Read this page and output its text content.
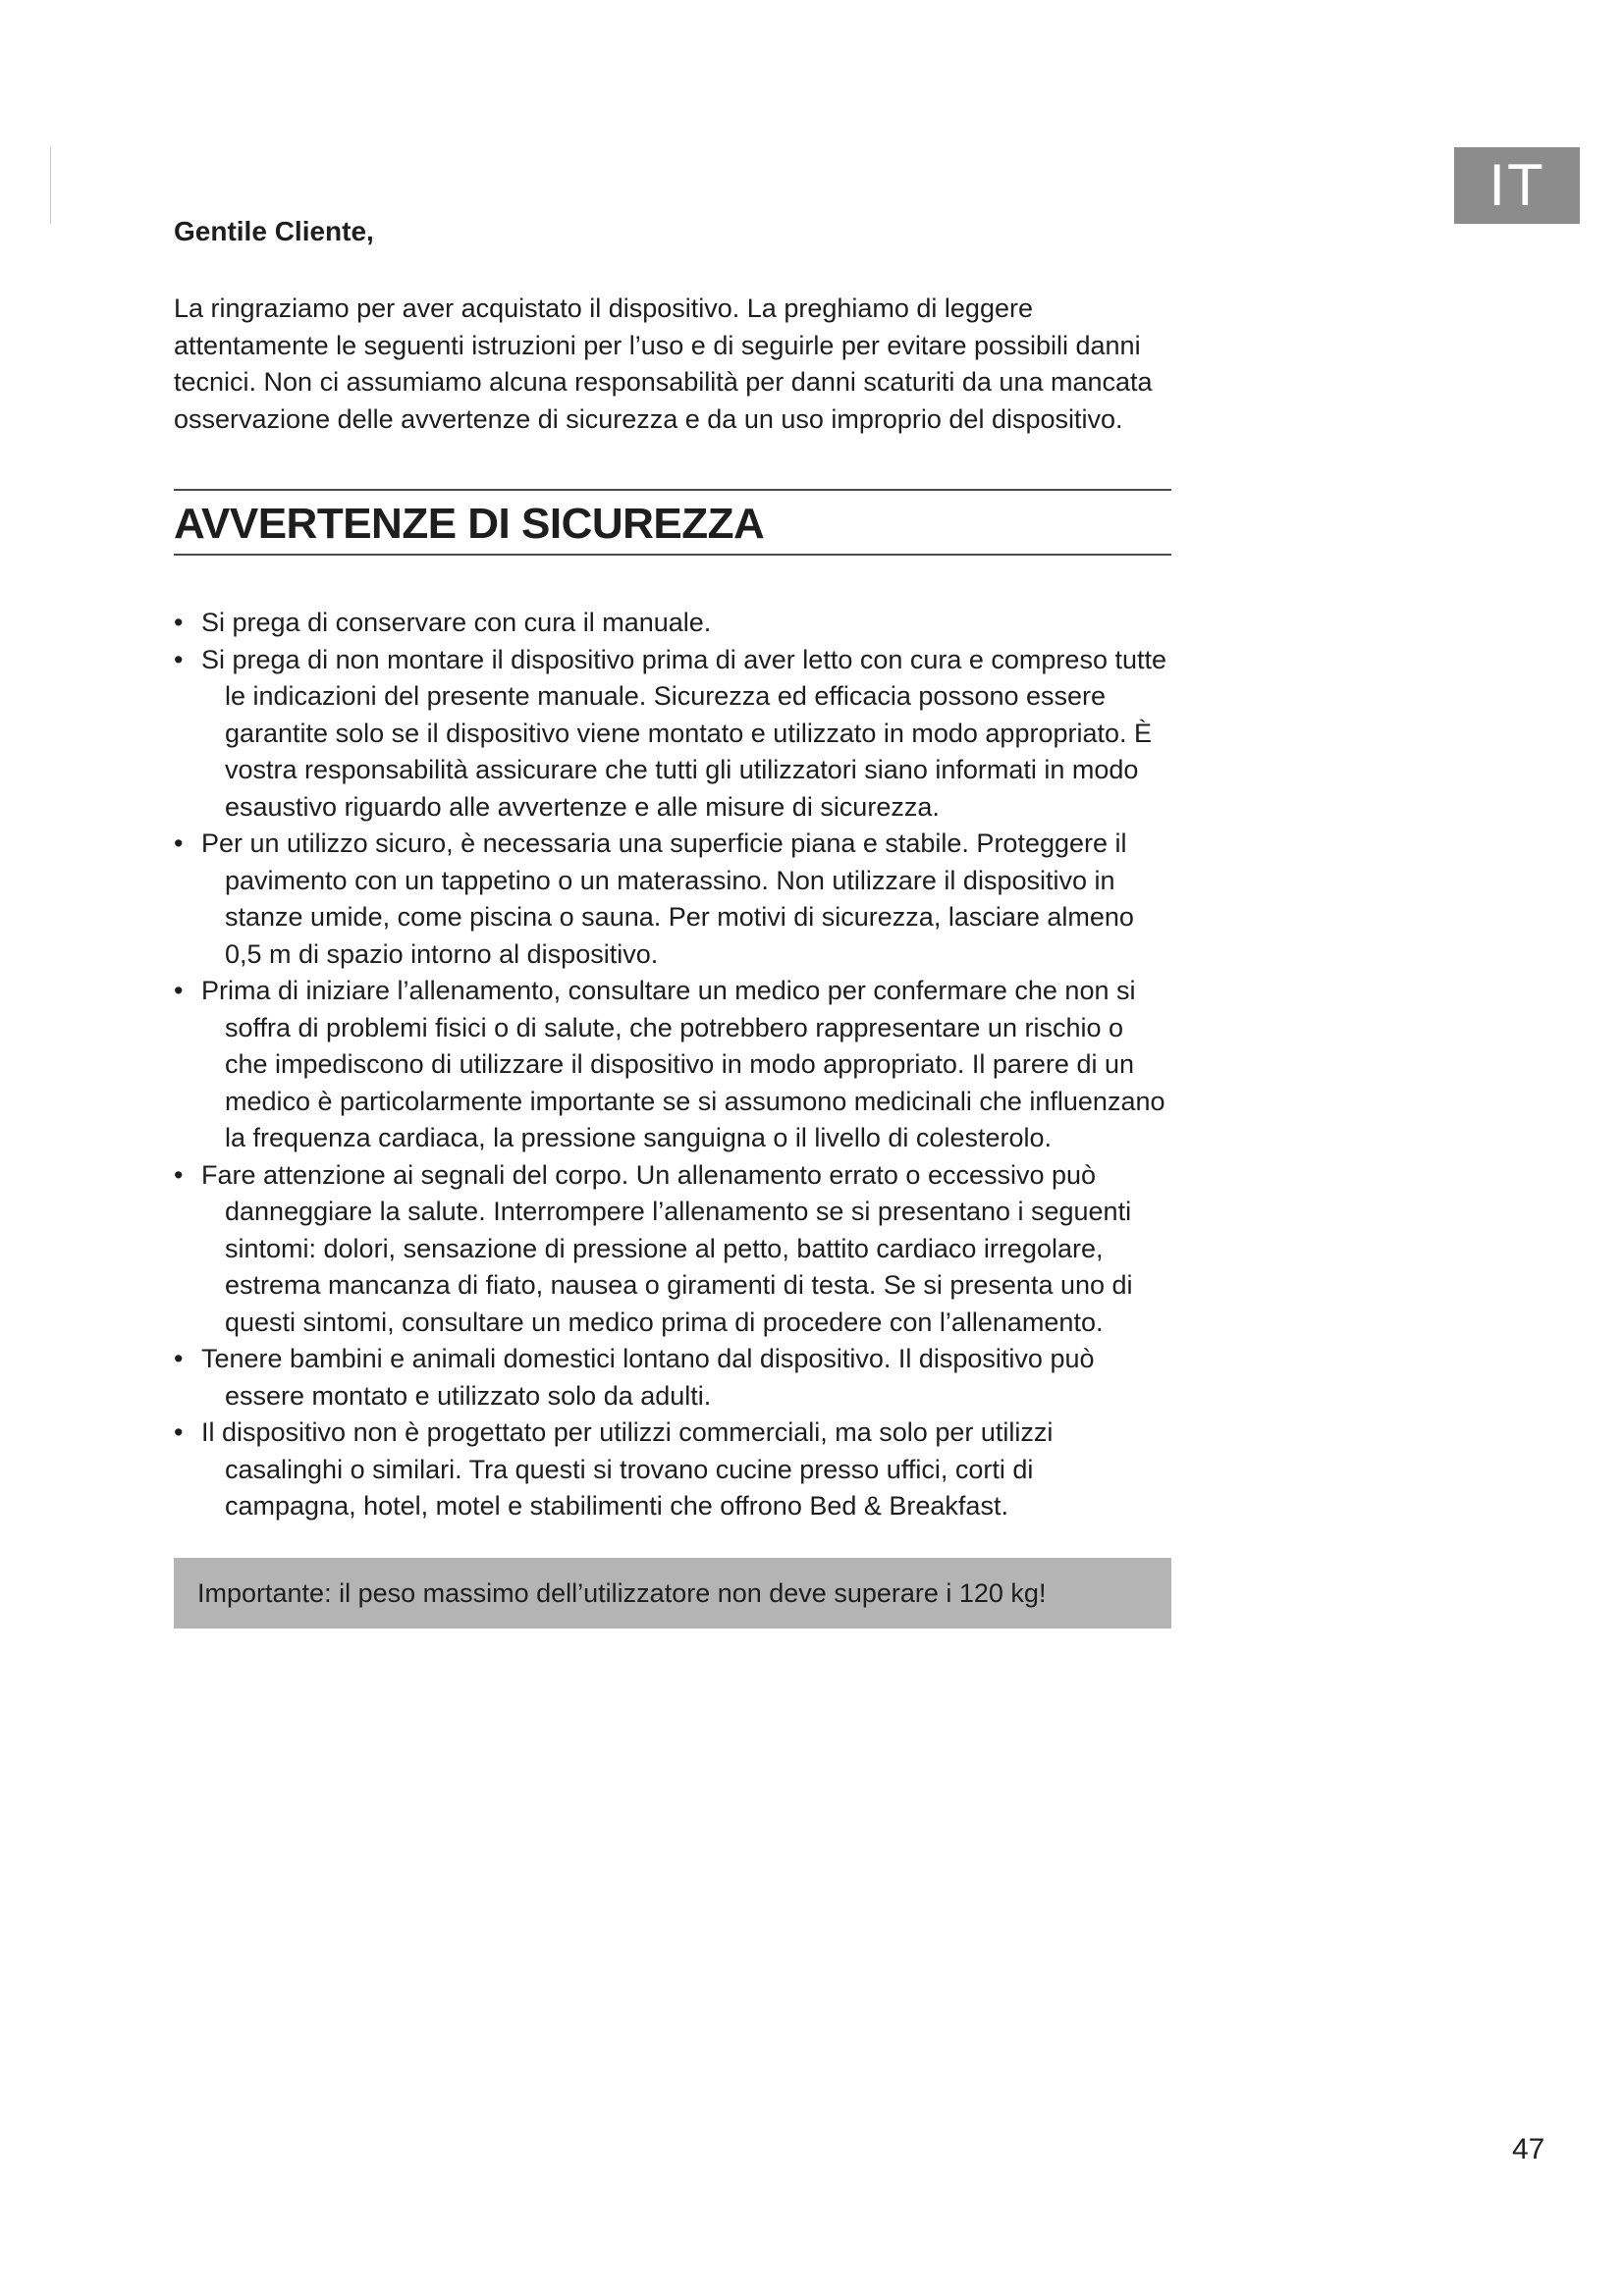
IT

Gentile Cliente,

La ringraziamo per aver acquistato il dispositivo. La preghiamo di leggere attentamente le seguenti istruzioni per l’uso e di seguirle per evitare possibili danni tecnici. Non ci assumiamo alcuna responsabilità per danni scaturiti da una mancata osservazione delle avvertenze di sicurezza e da un uso improprio del dispositivo.

AVVERTENZE DI SICUREZZA
• Si prega di conservare con cura il manuale.
• Si prega di non montare il dispositivo prima di aver letto con cura e compreso tutte le indicazioni del presente manuale. Sicurezza ed efficacia possono essere garantite solo se il dispositivo viene montato e utilizzato in modo appropriato. È vostra responsabilità assicurare che tutti gli utilizzatori siano informati in modo esaustivo riguardo alle avvertenze e alle misure di sicurezza.
• Per un utilizzo sicuro, è necessaria una superficie piana e stabile. Proteggere il pavimento con un tappetino o un materassino. Non utilizzare il dispositivo in stanze umide, come piscina o sauna. Per motivi di sicurezza, lasciare almeno 0,5 m di spazio intorno al dispositivo.
• Prima di iniziare l’allenamento, consultare un medico per confermare che non si soffra di problemi fisici o di salute, che potrebbero rappresentare un rischio o che impediscono di utilizzare il dispositivo in modo appropriato. Il parere di un medico è particolarmente importante se si assumono medicinali che influenzano la frequenza cardiaca, la pressione sanguigna o il livello di colesterolo.
• Fare attenzione ai segnali del corpo. Un allenamento errato o eccessivo può danneggiare la salute. Interrompere l’allenamento se si presentano i seguenti sintomi: dolori, sensazione di pressione al petto, battito cardiaco irregolare, estrema mancanza di fiato, nausea o giramenti di testa. Se si presenta uno di questi sintomi, consultare un medico prima di procedere con l’allenamento.
• Tenere bambini e animali domestici lontano dal dispositivo. Il dispositivo può essere montato e utilizzato solo da adulti.
• Il dispositivo non è progettato per utilizzi commerciali, ma solo per utilizzi casalinghi o similari. Tra questi si trovano cucine presso uffici, corti di campagna, hotel, motel e stabilimenti che offrono Bed & Breakfast.
Importante: il peso massimo dell’utilizzatore non deve superare i 120 kg!
47
